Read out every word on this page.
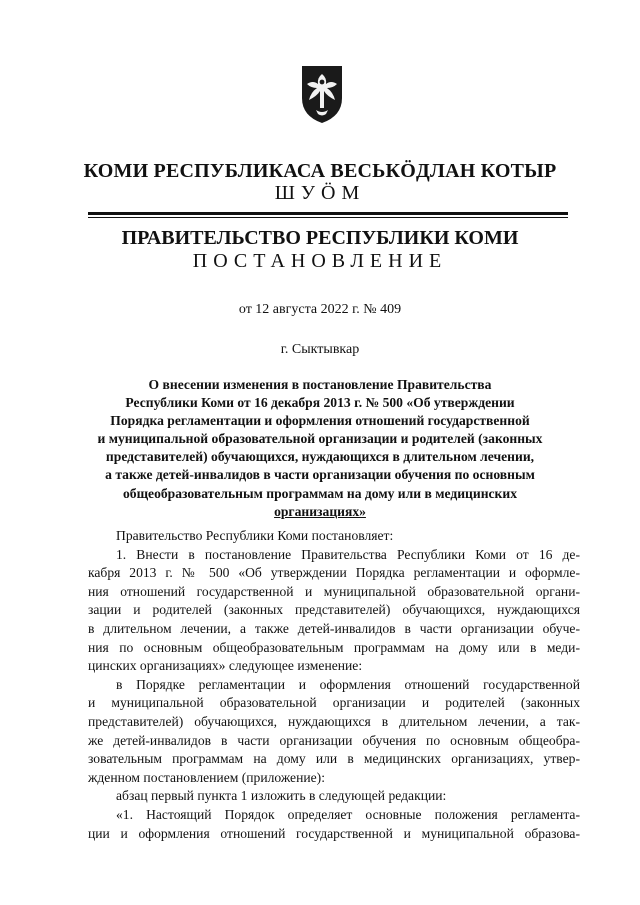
КОМИ РЕСПУБЛИКАСА ВЕСЬКӦДЛАН КОТЫР
ШУӦМ
ПРАВИТЕЛЬСТВО РЕСПУБЛИКИ КОМИ
ПОСТАНОВЛЕНИЕ
от 12 августа 2022 г. № 409
г. Сыктывкар
О внесении изменения в постановление Правительства
Республики Коми от 16 декабря 2013 г. № 500 «Об утверждении
Порядка регламентации и оформления отношений государственной
и муниципальной образовательной организации и родителей (законных
представителей) обучающихся, нуждающихся в длительном лечении,
а также детей-инвалидов в части организации обучения по основным
общеобразовательным программам на дому или в медицинских
организациях»
Правительство Республики Коми постановляет:
1. Внести в постановление Правительства Республики Коми от 16 де-
кабря 2013 г. № 500 «Об утверждении Порядка регламентации и оформле-
ния отношений государственной и муниципальной образовательной органи-
зации и родителей (законных представителей) обучающихся, нуждающихся
в длительном лечении, а также детей-инвалидов в части организации обуче-
ния по основным общеобразовательным программам на дому или в меди-
цинских организациях» следующее изменение:
в Порядке регламентации и оформления отношений государственной
и муниципальной образовательной организации и родителей (законных
представителей) обучающихся, нуждающихся в длительном лечении, а так-
же детей-инвалидов в части организации обучения по основным общеобра-
зовательным программам на дому или в медицинских организациях, утвер-
жденном постановлением (приложение):
абзац первый пункта 1 изложить в следующей редакции:
«1. Настоящий Порядок определяет основные положения регламента-
ции и оформления отношений государственной и муниципальной образова-
